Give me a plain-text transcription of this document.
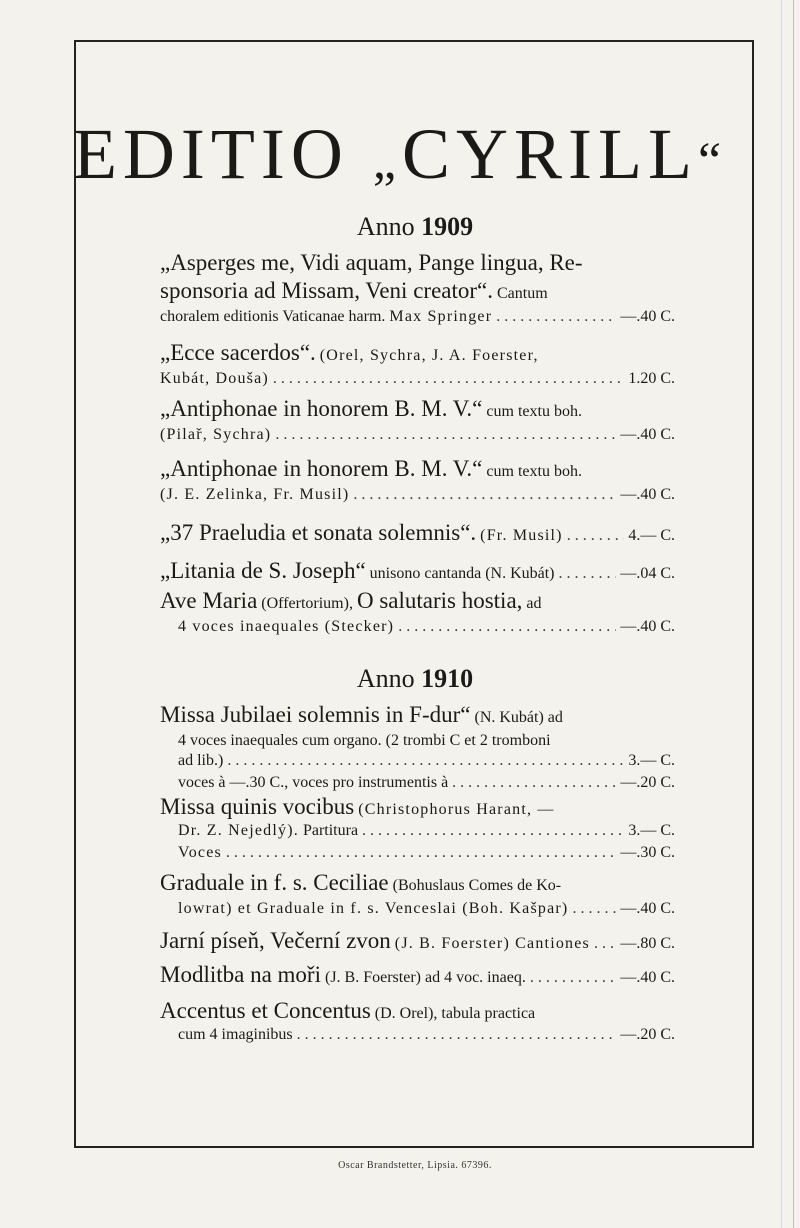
EDITIO „CYRILL“
Anno 1909
„Asperges me, Vidi aquam, Pange lingua, Re-
sponsoria ad Missam, Veni creator“. Cantum
choralem editionis Vaticanae harm.
Max Springer .....	—.40 C.
„Ecce sacerdos“. (Orel, Sychra, J. A. Foerster,
Kubát, Douša) .....	1.20 C.
„Antiphonae in honorem B. M. V.“ cum textu boh.
(Pilař, Sychra) .....	—.40 C.
„Antiphonae in honorem B. M. V.“ cum textu boh.
(J. E. Zelinka, Fr. Musil) .....	—.40 C.
„37 Praeludia et sonata solemnis“.
(Fr. Musil) .....	4.— C.
„Litania de S. Joseph“
unisono cantanda (N. Kubát) .....	—.04 C.
Ave Maria (Offertorium), O salutaris hostia, ad
4 voces inaequales (Stecker) .....	—.40 C.
Anno 1910
Missa Jubilaei solemnis in F-dur“ (N. Kubát) ad
4 voces inaequales cum organo. (2 trombi C et 2 tromboni
ad lib.) .....	3.— C.
voces à —.30 C., voces pro instrumentis à .....	—.20 C.
Missa quinis vocibus (Christophorus Harant, —
Dr. Z. Nejedlý).
Partitura .....	3.— C.
Voces .....	—.30 C.
Graduale in f. s. Ceciliae (Bohuslaus Comes de Ko-
lowrat) et Graduale in f. s. Venceslai (Boh. Kašpar) .....	—.40 C.
Jarní píseň, Večerní zvon
(J. B. Foerster) Cantiones ..... —.80 C.
Modlitba na moři
(J. B. Foerster) ad 4 voc. inaeq. .....	—.40 C.
Accentus et Concentus (D. Orel), tabula practica
cum 4 imaginibus .....	—.20 C.
Oscar Brandstetter, Lipsia. 67396.
